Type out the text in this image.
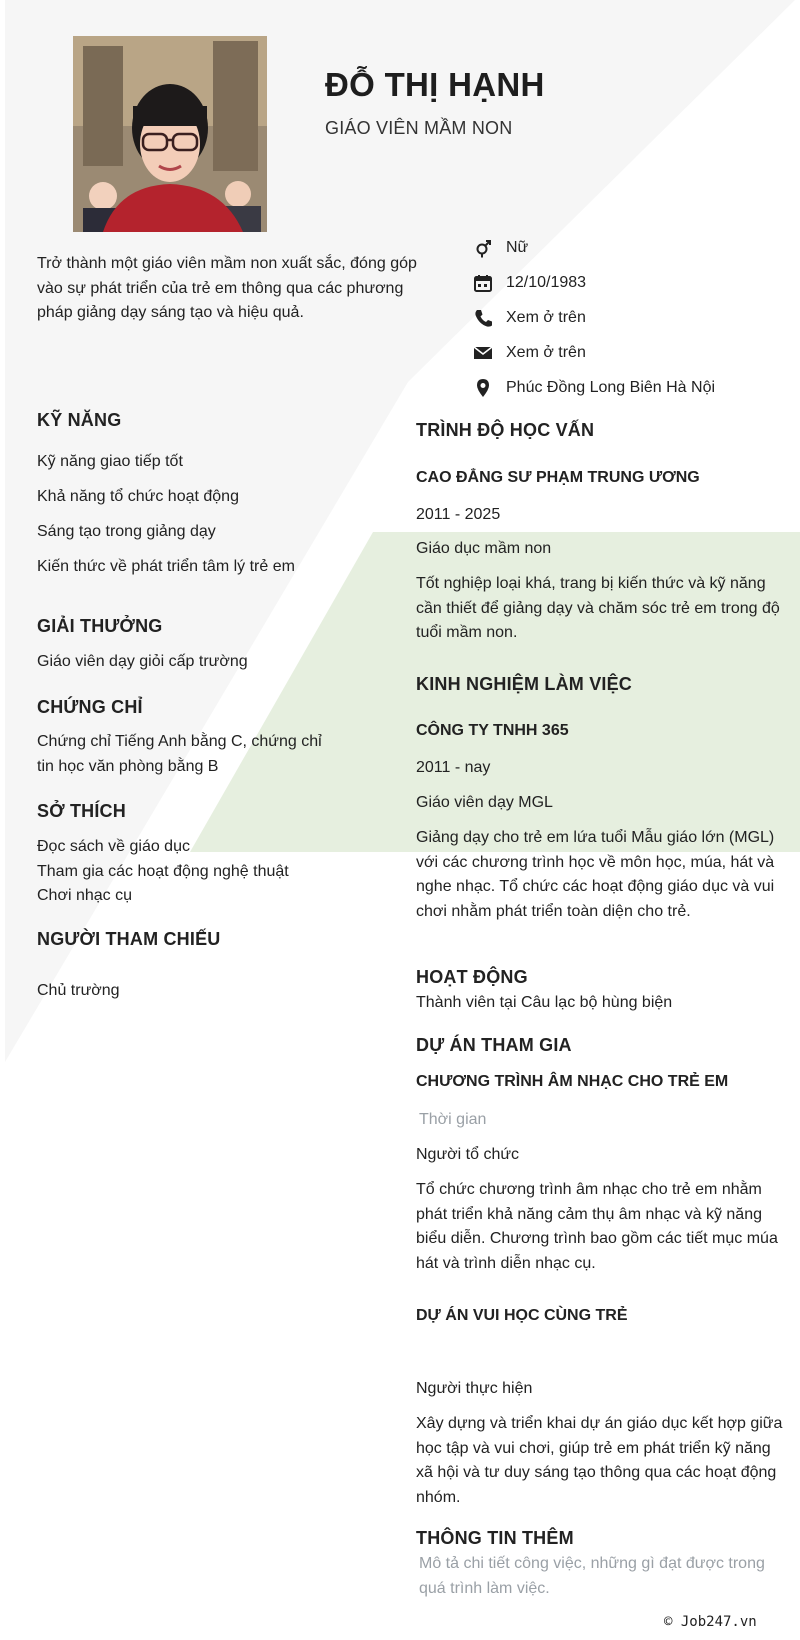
ĐỖ THỊ HẠNH
GIÁO VIÊN MẦM NON
Trở thành một giáo viên mầm non xuất sắc, đóng góp vào sự phát triển của trẻ em thông qua các phương pháp giảng dạy sáng tạo và hiệu quả.
Nữ
12/10/1983
Xem ở trên
Xem ở trên
Phúc Đồng Long Biên Hà Nội
KỸ NĂNG
Kỹ năng giao tiếp tốt
Khả năng tổ chức hoạt động
Sáng tạo trong giảng dạy
Kiến thức về phát triển tâm lý trẻ em
GIẢI THƯỞNG
Giáo viên dạy giỏi cấp trường
CHỨNG CHỈ
Chứng chỉ Tiếng Anh bằng C, chứng chỉ
tin học văn phòng bằng B
SỞ THÍCH
Đọc sách về giáo dục
Tham gia các hoạt động nghệ thuật
Chơi nhạc cụ
NGƯỜI THAM CHIẾU
Chủ trường
TRÌNH ĐỘ HỌC VẤN
CAO ĐẲNG SƯ PHẠM TRUNG ƯƠNG
2011 - 2025
Giáo dục mầm non
Tốt nghiệp loại khá, trang bị kiến thức và kỹ năng cần thiết để giảng dạy và chăm sóc trẻ em trong độ tuổi mầm non.
KINH NGHIỆM LÀM VIỆC
CÔNG TY TNHH 365
2011 - nay
Giáo viên dạy MGL
Giảng dạy cho trẻ em lứa tuổi Mẫu giáo lớn (MGL) với các chương trình học về môn học, múa, hát và nghe nhạc. Tổ chức các hoạt động giáo dục và vui chơi nhằm phát triển toàn diện cho trẻ.
HOẠT ĐỘNG
Thành viên tại Câu lạc bộ hùng biện
DỰ ÁN THAM GIA
CHƯƠNG TRÌNH ÂM NHẠC CHO TRẺ EM
Thời gian
Người tổ chức
Tổ chức chương trình âm nhạc cho trẻ em nhằm phát triển khả năng cảm thụ âm nhạc và kỹ năng biểu diễn. Chương trình bao gồm các tiết mục múa hát và trình diễn nhạc cụ.
DỰ ÁN VUI HỌC CÙNG TRẺ
Người thực hiện
Xây dựng và triển khai dự án giáo dục kết hợp giữa học tập và vui chơi, giúp trẻ em phát triển kỹ năng xã hội và tư duy sáng tạo thông qua các hoạt động nhóm.
THÔNG TIN THÊM
Mô tả chi tiết công việc, những gì đạt được trong quá trình làm việc.
© Job247.vn
